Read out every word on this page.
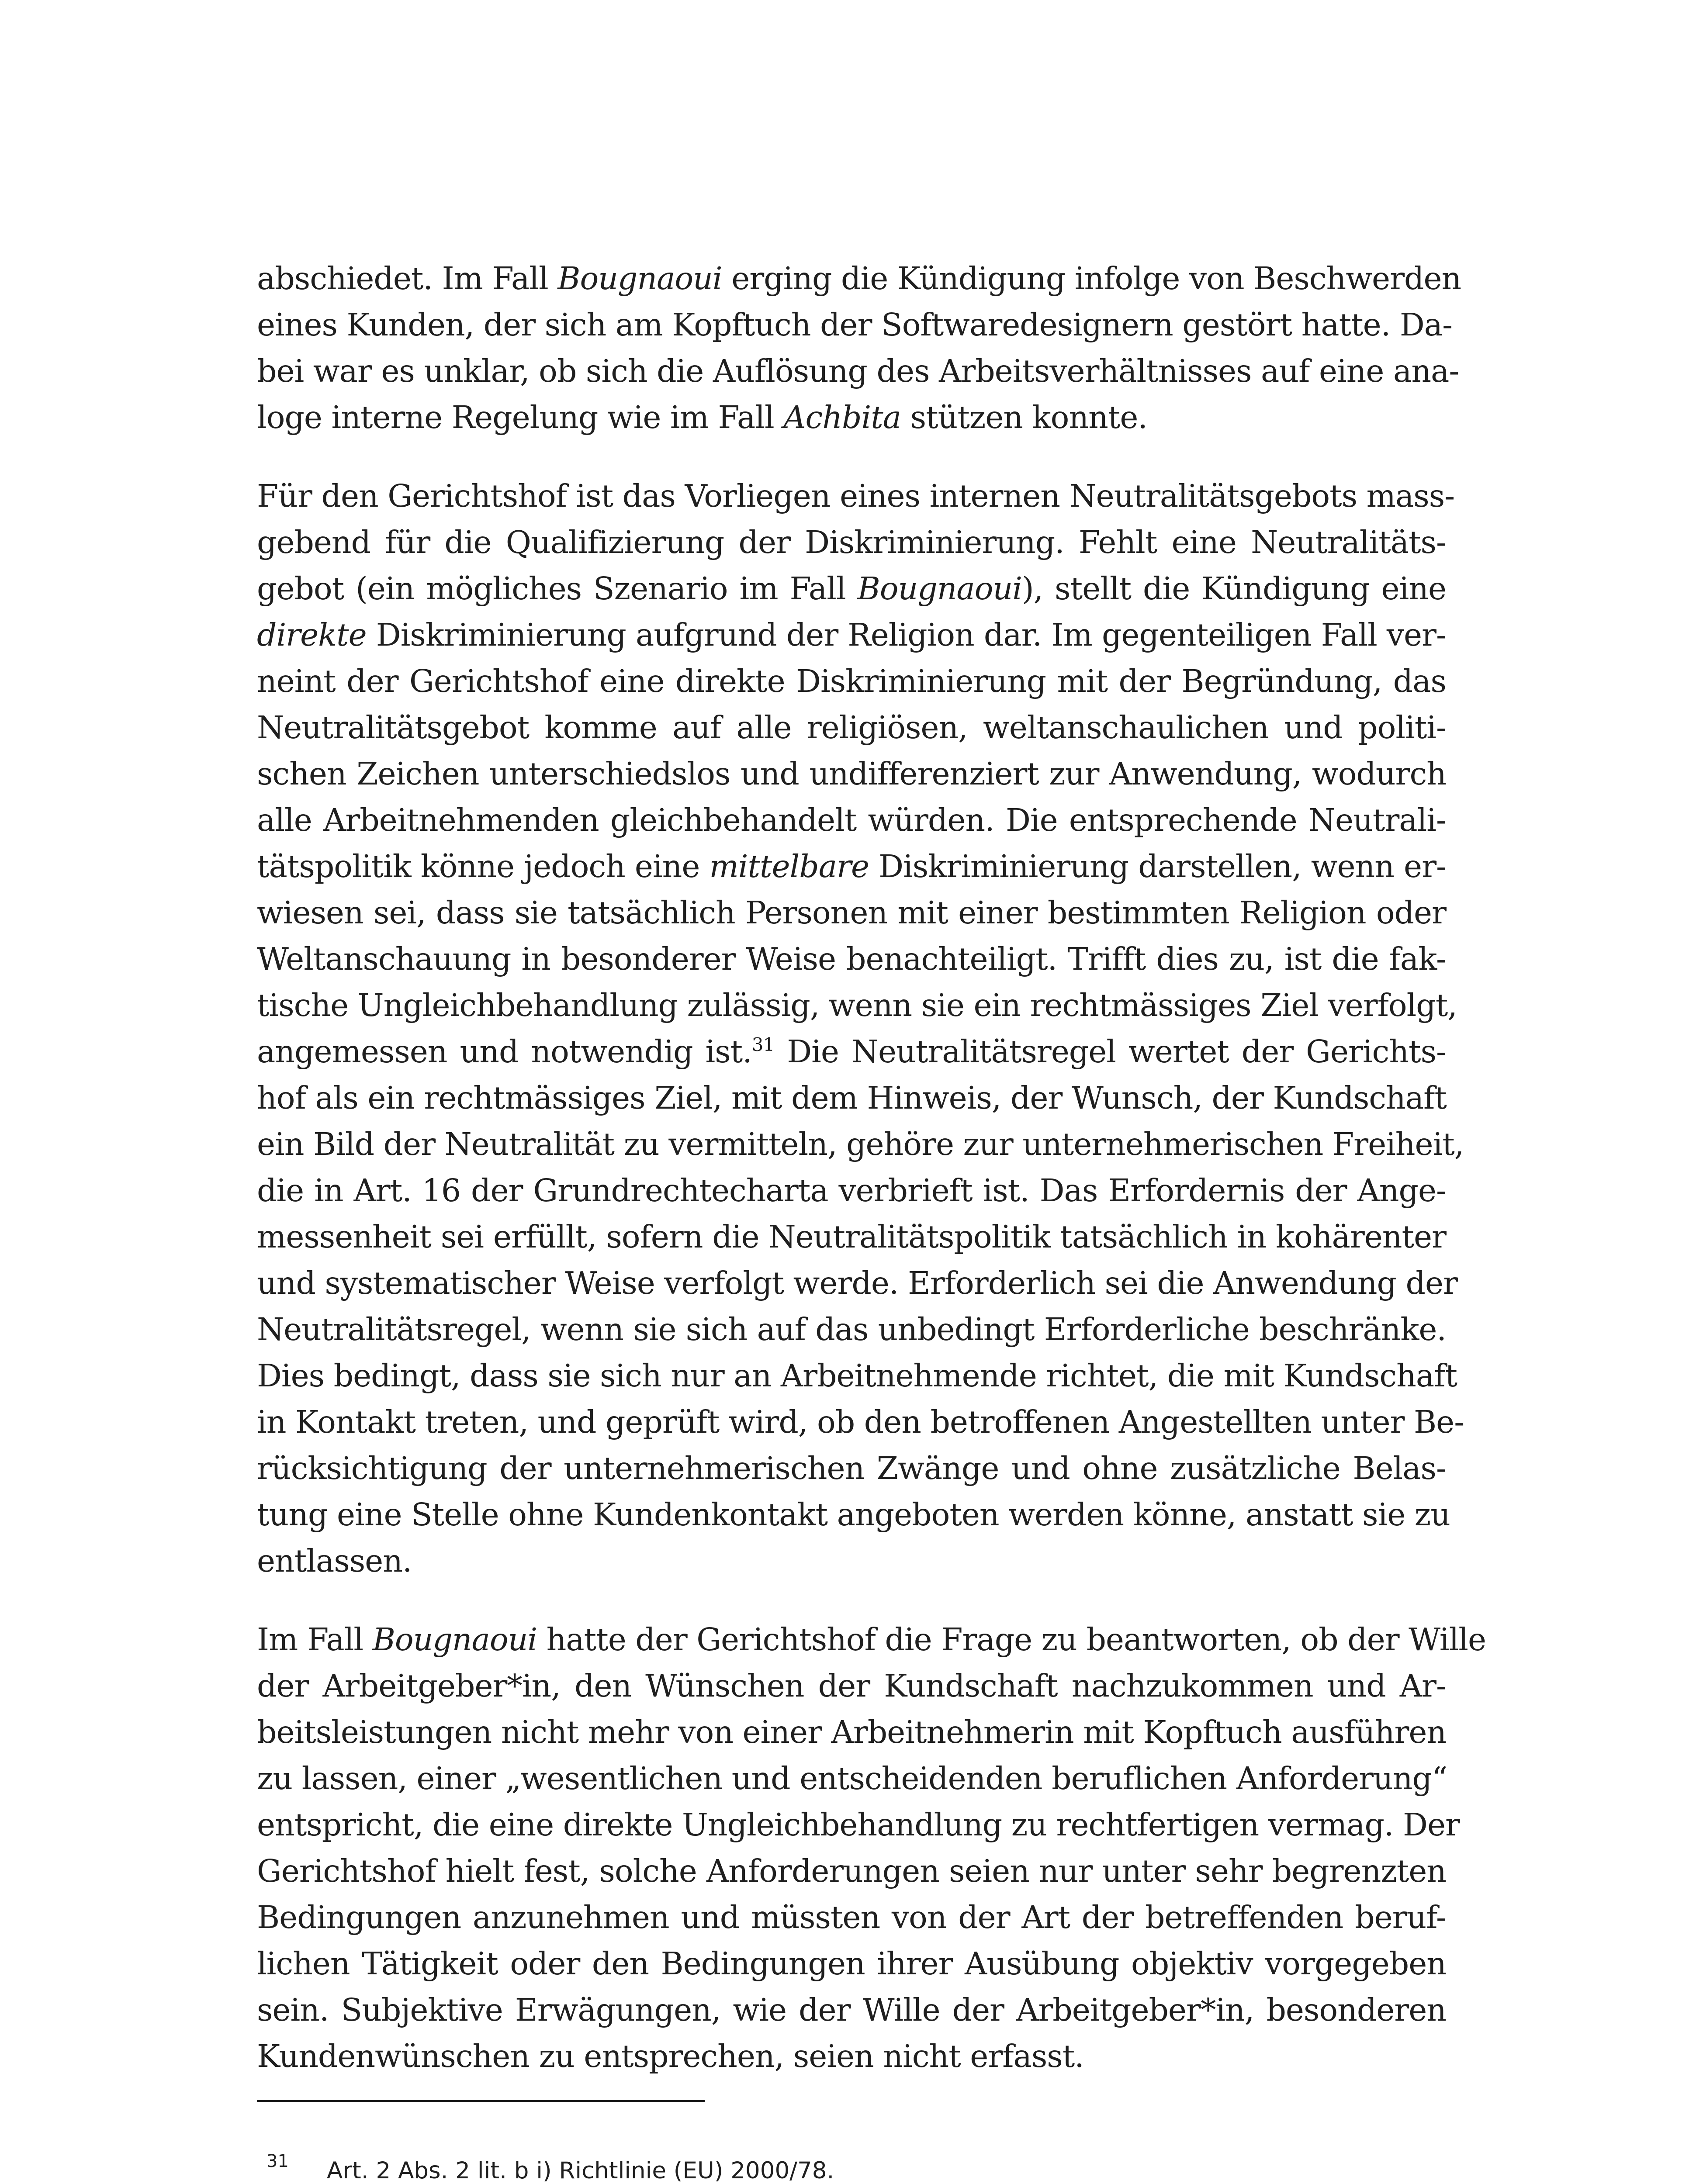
abschiedet. Im Fall Bougnaoui erging die Kündigung infolge von Beschwerden
eines Kunden, der sich am Kopftuch der Softwaredesignern gestört hatte. Da-
bei war es unklar, ob sich die Auflösung des Arbeitsverhältnisses auf eine ana-
loge interne Regelung wie im Fall Achbita stützen konnte.
Für den Gerichtshof ist das Vorliegen eines internen Neutralitätsgebots mass-
gebend für die Qualifizierung der Diskriminierung. Fehlt eine Neutralitäts-
gebot (ein mögliches Szenario im Fall Bougnaoui), stellt die Kündigung eine
direkte Diskriminierung aufgrund der Religion dar. Im gegenteiligen Fall ver-
neint der Gerichtshof eine direkte Diskriminierung mit der Begründung, das
Neutralitätsgebot komme auf alle religiösen, weltanschaulichen und politi-
schen Zeichen unterschiedslos und undifferenziert zur Anwendung, wodurch
alle Arbeitnehmenden gleichbehandelt würden. Die entsprechende Neutrali-
tätspolitik könne jedoch eine mittelbare Diskriminierung darstellen, wenn er-
wiesen sei, dass sie tatsächlich Personen mit einer bestimmten Religion oder
Weltanschauung in besonderer Weise benachteiligt. Trifft dies zu, ist die fak-
tische Ungleichbehandlung zulässig, wenn sie ein rechtmässiges Ziel verfolgt,
angemessen und notwendig ist.$^{31}$ Die Neutralitätsregel wertet der Gerichts-
hof als ein rechtmässiges Ziel, mit dem Hinweis, der Wunsch, der Kundschaft
ein Bild der Neutralität zu vermitteln, gehöre zur unternehmerischen Freiheit,
die in Art. 16 der Grundrechtecharta verbrieft ist. Das Erfordernis der Ange-
messenheit sei erfüllt, sofern die Neutralitätspolitik tatsächlich in kohärenter
und systematischer Weise verfolgt werde. Erforderlich sei die Anwendung der
Neutralitätsregel, wenn sie sich auf das unbedingt Erforderliche beschränke.
Dies bedingt, dass sie sich nur an Arbeitnehmende richtet, die mit Kundschaft
in Kontakt treten, und geprüft wird, ob den betroffenen Angestellten unter Be-
rücksichtigung der unternehmerischen Zwänge und ohne zusätzliche Belas-
tung eine Stelle ohne Kundenkontakt angeboten werden könne, anstatt sie zu
entlassen.
Im Fall Bougnaoui hatte der Gerichtshof die Frage zu beantworten, ob der Wille
der Arbeitgeber*in, den Wünschen der Kundschaft nachzukommen und Ar-
beitsleistungen nicht mehr von einer Arbeitnehmerin mit Kopftuch ausführen
zu lassen, einer „wesentlichen und entscheidenden beruflichen Anforderung“
entspricht, die eine direkte Ungleichbehandlung zu rechtfertigen vermag. Der
Gerichtshof hielt fest, solche Anforderungen seien nur unter sehr begrenzten
Bedingungen anzunehmen und müssten von der Art der betreffenden beruf-
lichen Tätigkeit oder den Bedingungen ihrer Ausübung objektiv vorgegeben
sein. Subjektive Erwägungen, wie der Wille der Arbeitgeber*in, besonderen
Kundenwünschen zu entsprechen, seien nicht erfasst.
31 Art. 2 Abs. 2 lit. b i) Richtlinie (EU) 2000/78.
